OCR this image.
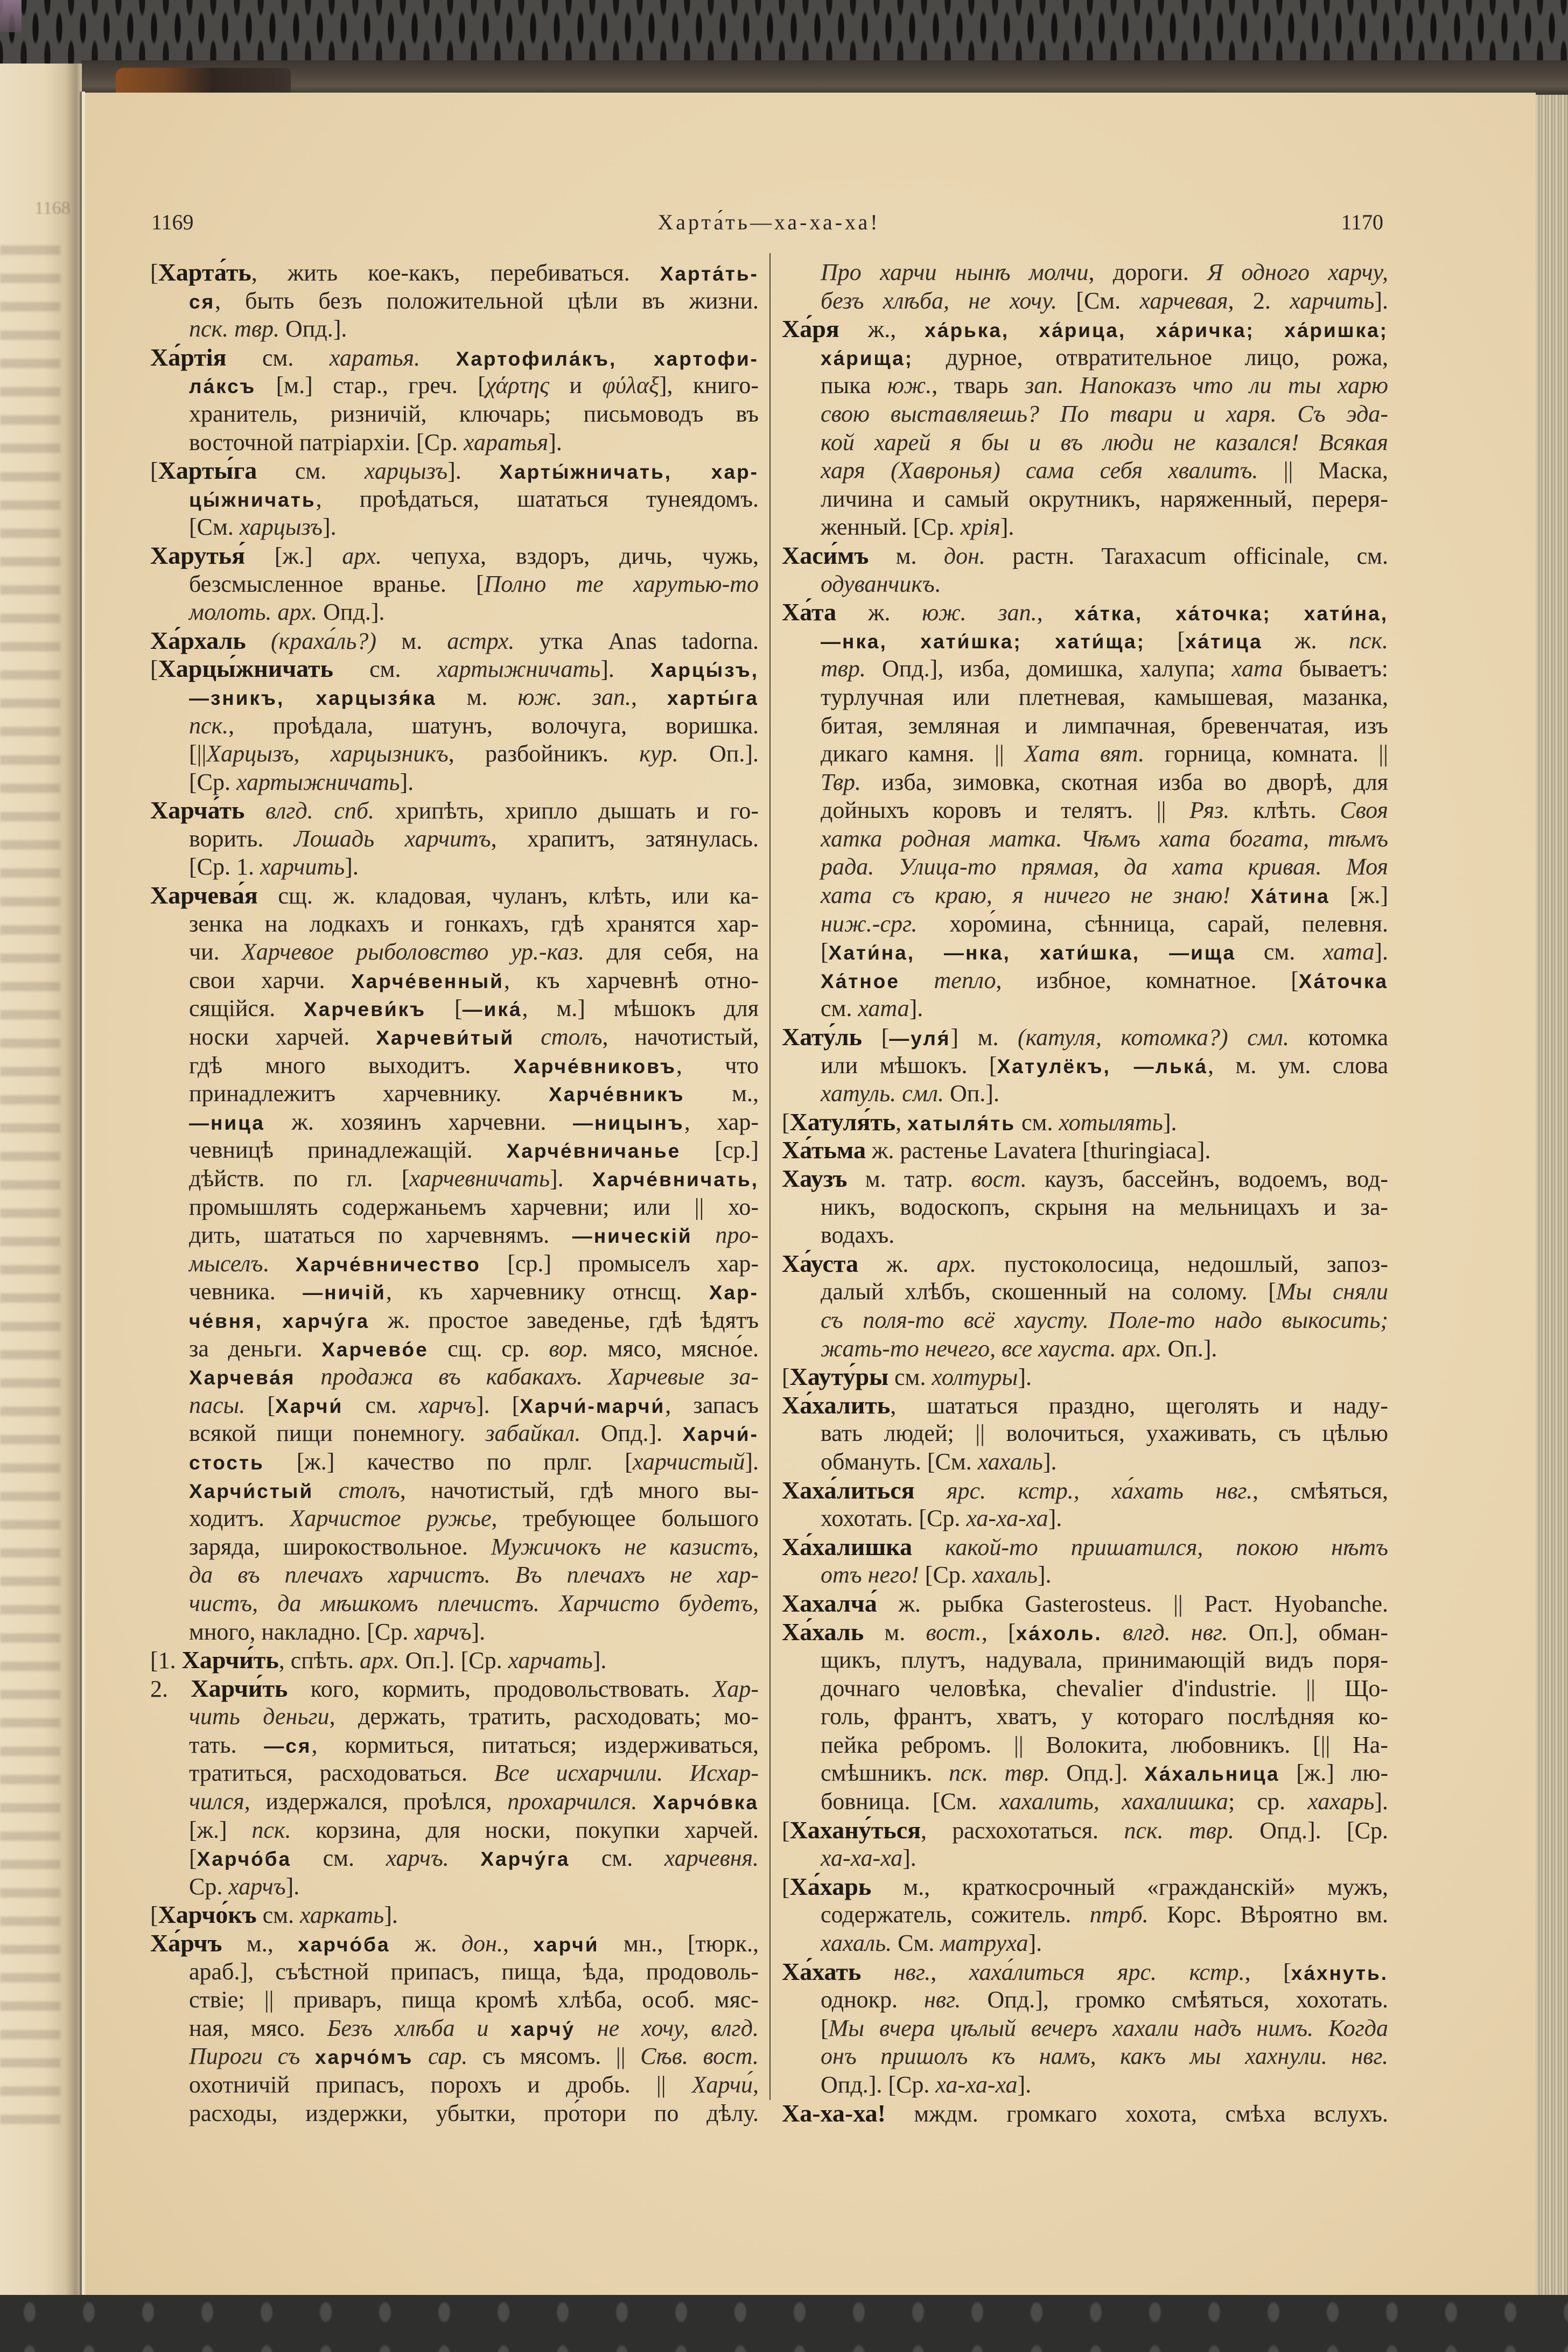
1168
1169	Харта́ть—ха-ха-ха!	1170
[Харта́ть, жить кое-какъ, перебиваться. Харта́ть-
ся, быть безъ положительной цѣли въ жизни.
пск. твр. Опд.].
Ха́ртія см. харатья. Хартофила́къ, хартофи-
ла́ксъ [м.] стар., греч. [χάρτης и φύλαξ], книго-
хранитель, ризничій, ключарь; письмоводъ въ
восточной патріархіи. [Ср. харатья].
[Харты́га см. харцызъ]. Харты́жничать, хар-
цы́жничать, проѣдаться, шататься тунеядомъ.
[См. харцызъ].
Харутья́ [ж.] арх. чепуха, вздоръ, дичь, чужь,
безсмысленное вранье. [Полно те харутью-то
молоть. арх. Опд.].
Ха́рхаль (краха́ль?) м. астрх. утка Anas tadorna.
[Харцы́жничать см. хартыжничать]. Харцы́зъ,
—зникъ, харцызя́ка м. юж. зап., харты́га
пск., проѣдала, шатунъ, волочуга, воришка.
[||Харцызъ, харцызникъ, разбойникъ. кур. Оп.].
[Ср. хартыжничать].
Харча́ть влгд. спб. хрипѣть, хрипло дышать и го-
ворить. Лошадь харчитъ, храпитъ, затянулась.
[Ср. 1. харчить].
Харчева́я сщ. ж. кладовая, чуланъ, клѣть, или ка-
зенка на лодкахъ и гонкахъ, гдѣ хранятся хар-
чи. Харчевое рыболовство ур.-каз. для себя, на
свои харчи. Харче́венный, къ харчевнѣ отно-
сящійся. Харчеви́къ [—ика́, м.] мѣшокъ для
носки харчей. Харчеви́тый столъ, начотистый,
гдѣ много выходитъ. Харче́вниковъ, что
принадлежитъ харчевнику. Харче́вникъ м.,
—ница ж. хозяинъ харчевни. —ницынъ, хар-
чевницѣ принадлежащій. Харче́вничанье [ср.]
дѣйств. по гл. [харчевничать]. Харче́вничать,
промышлять содержаньемъ харчевни; или || хо-
дить, шататься по харчевнямъ. —ническій про-
мыселъ. Харче́вничество [ср.] промыселъ хар-
чевника. —ничій, къ харчевнику отнсщ. Хар-
че́вня, харчу́га ж. простое заведенье, гдѣ ѣдятъ
за деньги. Харчево́е сщ. ср. вор. мясо, мясно́е.
Харчева́я продажа въ кабакахъ. Харчевые за-
пасы. [Харчи́ см. харчъ]. [Харчи́-марчи́, запасъ
всякой пищи понемногу. забайкал. Опд.]. Харчи́-
стость [ж.] качество по прлг. [харчистый].
Харчи́стый столъ, начотистый, гдѣ много вы-
ходитъ. Харчистое ружье, требующее большого
заряда, широкоствольное. Мужичокъ не казистъ,
да въ плечахъ харчистъ. Въ плечахъ не хар-
чистъ, да мѣшкомъ плечистъ. Харчисто будетъ,
много, накладно. [Ср. харчъ].
[1. Харчи́ть, спѣть. арх. Оп.]. [Ср. харчать].
2. Харчи́ть кого, кормить, продовольствовать. Хар-
чить деньги, держать, тратить, расходовать; мо-
тать. —ся, кормиться, питаться; издерживаться,
тратиться, расходоваться. Все исхарчили. Исхар-
чился, издержался, проѣлся, прохарчился. Харчо́вка
[ж.] пск. корзина, для носки, покупки харчей.
[Харчо́ба см. харчъ. Харчу́га см. харчевня.
Ср. харчъ].
[Харчо́къ см. харкать].
Ха́рчъ м., харчо́ба ж. дон., харчи́ мн., [тюрк.,
араб.], съѣстной припасъ, пища, ѣда, продоволь-
ствіе; || приваръ, пища кромѣ хлѣба, особ. мяс-
ная, мясо. Безъ хлѣба и харчу́ не хочу, влгд.
Пироги съ харчо́мъ сар. съ мясомъ. || Сѣв. вост.
охотничій припасъ, порохъ и дробь. || Харчи́,
расходы, издержки, убытки, про́тори по дѣлу.
Про харчи нынѣ молчи, дороги. Я одного харчу,
безъ хлѣба, не хочу. [См. харчевая, 2. харчить].
Ха́ря ж., ха́рька, ха́рица, ха́ричка; ха́ришка;
ха́рища; дурное, отвратительное лицо, рожа,
пыка юж., тварь зап. Напоказъ что ли ты харю
свою выставляешь? По твари и харя. Съ эда-
кой харей я бы и въ люди не казался! Всякая
харя (Хавронья) сама себя хвалитъ. || Маска,
личина и самый окрутникъ, наряженный, переря-
женный. [Ср. хрія].
Хаси́мъ м. дон. растн. Taraxacum officinale, см.
одуванчикъ.
Ха́та ж. юж. зап., ха́тка, ха́точка; хати́на,
—нка, хати́шка; хати́ща; [ха́тица ж. пск.
твр. Опд.], изба, домишка, халупа; хата бываетъ:
турлучная или плетневая, камышевая, мазанка,
битая, земляная и лимпачная, бревенчатая, изъ
дикаго камня. || Хата вят. горница, комната. ||
Твр. изба, зимовка, скотная изба во дворѣ, для
дойныхъ коровъ и телятъ. || Ряз. клѣть. Своя
хатка родная матка. Чѣмъ хата богата, тѣмъ
рада. Улица-то прямая, да хата кривая. Моя
хата съ краю, я ничего не знаю! Ха́тина [ж.]
ниж.-срг. хоро́мина, сѣнница, сарай, пелевня.
[Хати́на, —нка, хати́шка, —ища см. хата].
Ха́тное тепло, избное, комнатное. [Ха́точка
см. хата].
Хату́ль [—уля́] м. (катуля, котомка?) смл. котомка
или мѣшокъ. [Хатулёкъ, —лька́, м. ум. слова
хатуль. смл. Оп.].
[Хатуля́ть, хатыля́ть см. хотылять].
Ха́тьма ж. растенье Lavatera [thuringiaca].
Хаузъ м. татр. вост. каузъ, бассейнъ, водоемъ, вод-
никъ, водоскопъ, скрыня на мельницахъ и за-
водахъ.
Ха́уста ж. арх. пустоколосица, недошлый, запоз-
далый хлѣбъ, скошенный на солому. [Мы сняли
съ поля-то всё хаусту. Поле-то надо выкосить;
жать-то нечего, все хауста. арх. Оп.].
[Хауту́ры см. холтуры].
Ха́халить, шататься праздно, щеголять и наду-
вать людей; || волочиться, ухаживать, съ цѣлью
обмануть. [См. хахаль].
Хаха́литься ярс. кстр., ха́хать нвг., смѣяться,
хохотать. [Ср. ха-ха-ха].
Ха́халишка какой-то пришатился, покою нѣтъ
отъ него! [Ср. хахаль].
Хахалча́ ж. рыбка Gasterosteus. || Раст. Hyobanche.
Ха́халь м. вост., [ха́холь. влгд. нвг. Оп.], обман-
щикъ, плутъ, надувала, принимающій видъ поря-
дочнаго человѣка, chevalier d'industrie. || Що-
голь, франтъ, хватъ, у котораго послѣдняя ко-
пейка ребромъ. || Волокита, любовникъ. [|| На-
смѣшникъ. пск. твр. Опд.]. Ха́хальница [ж.] лю-
бовница. [См. хахалить, хахалишка; ср. хахарь].
[Хахану́ться, расхохотаться. пск. твр. Опд.]. [Ср.
ха-ха-ха].
[Ха́харь м., краткосрочный «гражданскій» мужъ,
содержатель, сожитель. птрб. Корс. Вѣроятно вм.
хахаль. См. матруха].
Ха́хать нвг., хаха́литься ярс. кстр., [ха́хнуть.
однокр. нвг. Опд.], громко смѣяться, хохотать.
[Мы вчера цѣлый вечеръ хахали надъ нимъ. Когда
онъ пришолъ къ намъ, какъ мы хахнули. нвг.
Опд.]. [Ср. ха-ха-ха].
Ха-ха-ха! мждм. громкаго хохота, смѣха вслухъ.
